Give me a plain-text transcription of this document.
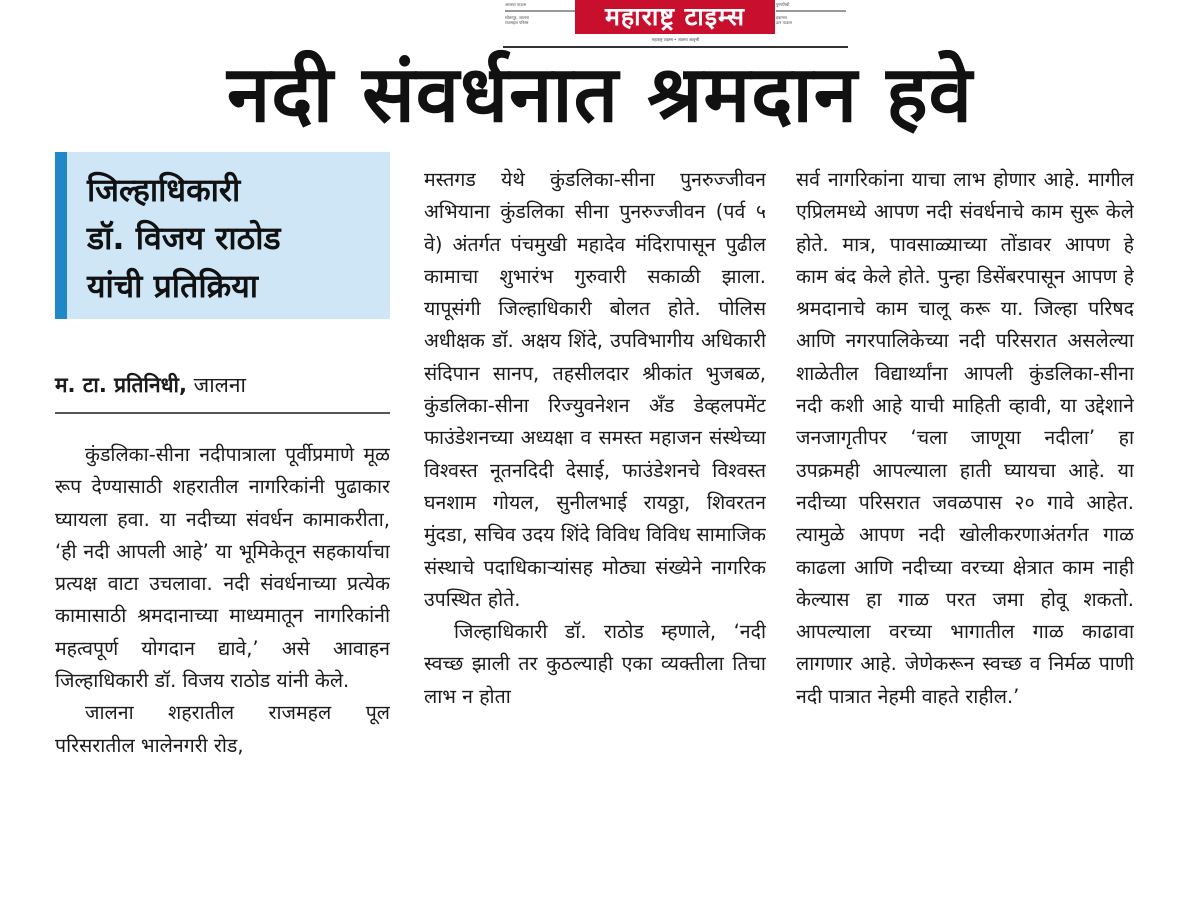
आजचा पाऊस
सोलापूर, जालना
राजमहल परिसर	महाराष्ट्र टाइम्स	पुण्यतिथी
हवामान
ऊन पाऊस
महाराष्ट्र टाइम्स • जालना आवृत्ती
नदी संवर्धनात श्रमदान हवे
जिल्हाधिकारी
डॉ. विजय राठोड
यांची प्रतिक्रिया
म. टा. प्रतिनिधी, जालना

कुंडलिका-सीना नदीपात्राला पूर्वीप्रमाणे मूळ रूप देण्यासाठी शहरातील नागरिकांनी पुढाकार घ्यायला हवा. या नदीच्या संवर्धन कामाकरीता, ‘ही नदी आपली आहे’ या भूमिकेतून सहकार्याचा प्रत्यक्ष वाटा उचलावा. नदी संवर्धनाच्या प्रत्येक कामासाठी श्रमदानाच्या माध्यमातून नागरिकांनी महत्वपूर्ण योगदान द्यावे,’ असे आवाहन जिल्हाधिकारी डॉ. विजय राठोड यांनी केले.

जालना शहरातील राजमहल पूल परिसरातील भालेनगरी रोड,

मस्तगड येथे कुंडलिका-सीना पुनरुज्जीवन अभियाना कुंडलिका सीना पुनरुज्जीवन (पर्व ५ वे) अंतर्गत पंचमुखी महादेव मंदिरापासून पुढील कामाचा शुभारंभ गुरुवारी सकाळी झाला. यापूसंगी जिल्हाधिकारी बोलत होते. पोलिस अधीक्षक डॉ. अक्षय शिंदे, उपविभागीय अधिकारी संदिपान सानप, तहसीलदार श्रीकांत भुजबळ, कुंडलिका-सीना रिज्युवनेशन अँड डेव्हलपमेंट फाउंडेशनच्या अध्यक्षा व समस्त महाजन संस्थेच्या विश्वस्त नूतनदिदी देसाई, फाउंडेशनचे विश्वस्त घनशाम गोयल, सुनीलभाई रायठ्ठा, शिवरतन मुंदडा, सचिव उदय शिंदे विविध विविध सामाजिक संस्थाचे पदाधिकाऱ्यांसह मोठ्या संख्येने नागरिक उपस्थित होते.

जिल्हाधिकारी डॉ. राठोड म्हणाले, ‘नदी स्वच्छ झाली तर कुठल्याही एका व्यक्तीला तिचा लाभ न होता

सर्व नागरिकांना याचा लाभ होणार आहे. मागील एप्रिलमध्ये आपण नदी संवर्धनाचे काम सुरू केले होते. मात्र, पावसाळ्याच्या तोंडावर आपण हे काम बंद केले होते. पुन्हा डिसेंबरपासून आपण हे श्रमदानाचे काम चालू करू या. जिल्हा परिषद आणि नगरपालिकेच्या नदी परिसरात असलेल्या शाळेतील विद्यार्थ्यांना आपली कुंडलिका-सीना नदी कशी आहे याची माहिती व्हावी, या उद्देशाने जनजागृतीपर ‘चला जाणूया नदीला’ हा उपक्रमही आपल्याला हाती घ्यायचा आहे. या नदीच्या परिसरात जवळपास २० गावे आहेत. त्यामुळे आपण नदी खोलीकरणाअंतर्गत गाळ काढला आणि नदीच्या वरच्या क्षेत्रात काम नाही केल्यास हा गाळ परत जमा होवू शकतो. आपल्याला वरच्या भागातील गाळ काढावा लागणार आहे. जेणेकरून स्वच्छ व निर्मळ पाणी नदी पात्रात नेहमी वाहते राहील.’
